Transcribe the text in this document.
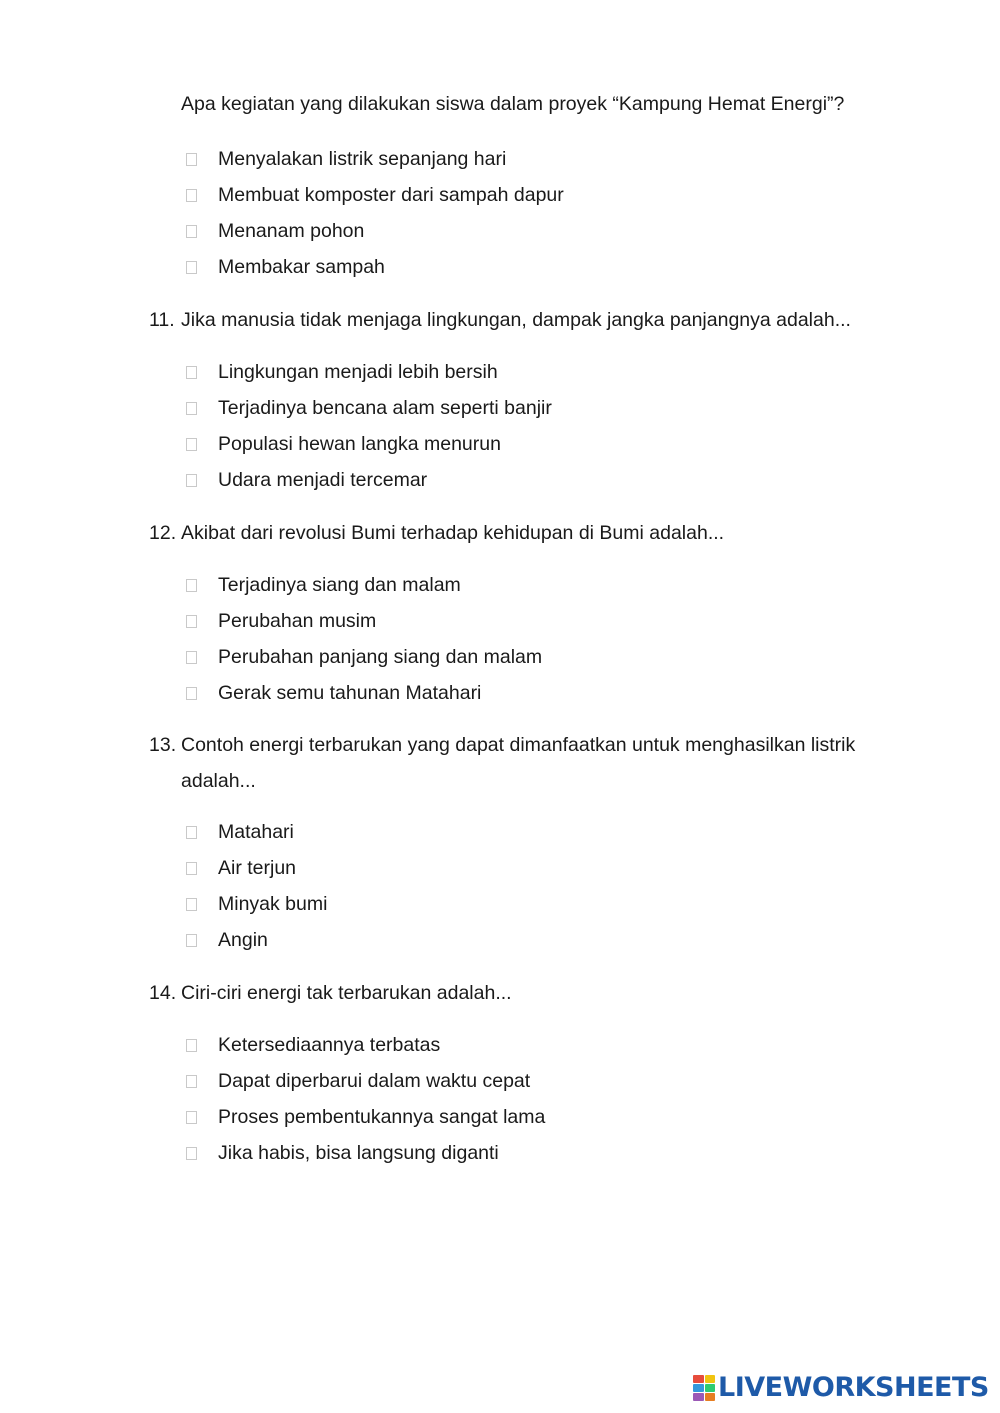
Apa kegiatan yang dilakukan siswa dalam proyek “Kampung Hemat Energi”?
Menyalakan listrik sepanjang hari
Membuat komposter dari sampah dapur
Menanam pohon
Membakar sampah
11. Jika manusia tidak menjaga lingkungan, dampak jangka panjangnya adalah...
Lingkungan menjadi lebih bersih
Terjadinya bencana alam seperti banjir
Populasi hewan langka menurun
Udara menjadi tercemar
12. Akibat dari revolusi Bumi terhadap kehidupan di Bumi adalah...
Terjadinya siang dan malam
Perubahan musim
Perubahan panjang siang dan malam
Gerak semu tahunan Matahari
13. Contoh energi terbarukan yang dapat dimanfaatkan untuk menghasilkan listrik adalah...
Matahari
Air terjun
Minyak bumi
Angin
14. Ciri-ciri energi tak terbarukan adalah...
Ketersediaannya terbatas
Dapat diperbarui dalam waktu cepat
Proses pembentukannya sangat lama
Jika habis, bisa langsung diganti
LIVEWORKSHEETS
